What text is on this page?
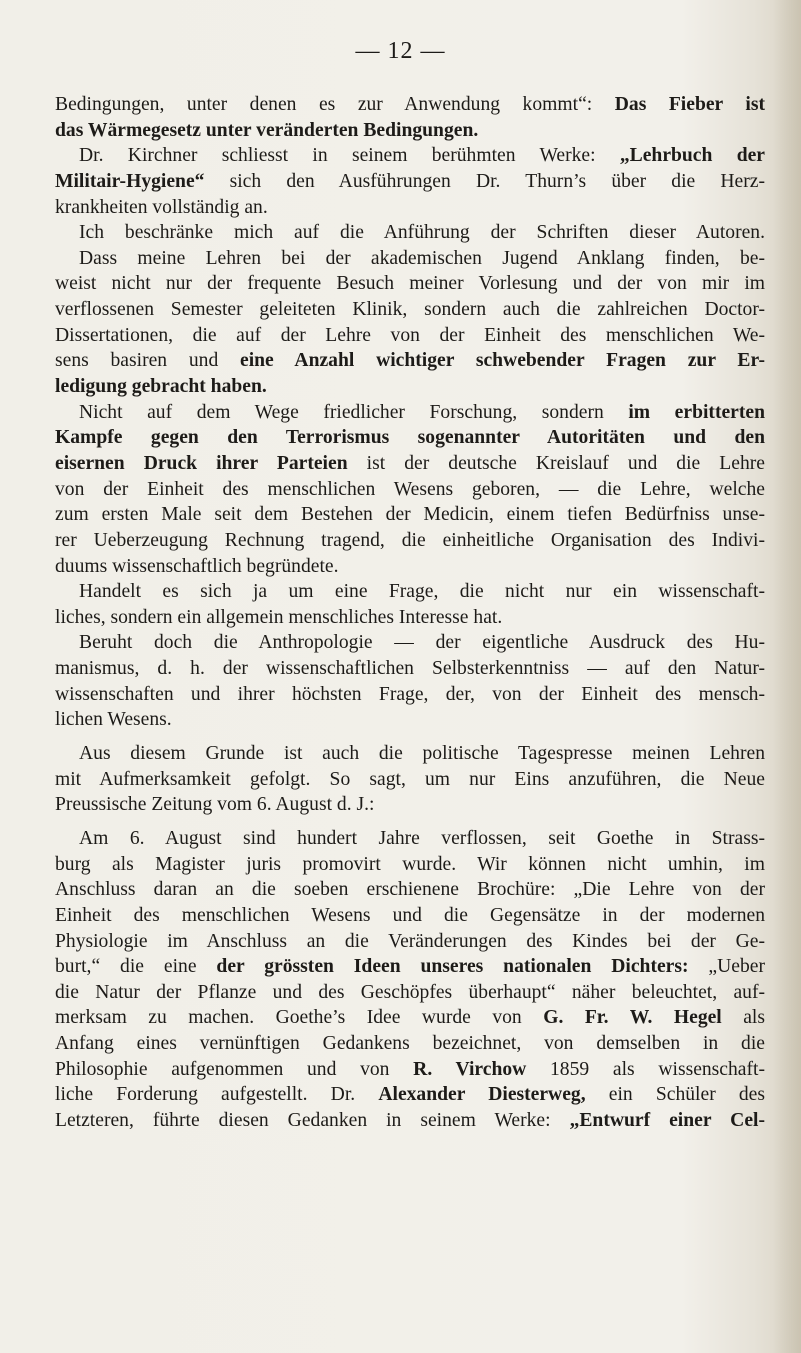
— 12 —
Bedingungen, unter denen es zur Anwendung kommt“: Das Fieber ist
das Wärmegesetz unter veränderten Bedingungen.
Dr. Kirchner schliesst in seinem berühmten Werke: „Lehrbuch der
Militair-Hygiene“ sich den Ausführungen Dr. Thurn’s über die Herz-
krankheiten vollständig an.
Ich beschränke mich auf die Anführung der Schriften dieser Autoren.
Dass meine Lehren bei der akademischen Jugend Anklang finden, be-
weist nicht nur der frequente Besuch meiner Vorlesung und der von mir im
verflossenen Semester geleiteten Klinik, sondern auch die zahlreichen Doctor-
Dissertationen, die auf der Lehre von der Einheit des menschlichen We-
sens basiren und eine Anzahl wichtiger schwebender Fragen zur Er-
ledigung gebracht haben.
Nicht auf dem Wege friedlicher Forschung, sondern im erbitterten
Kampfe gegen den Terrorismus sogenannter Autoritäten und den
eisernen Druck ihrer Parteien ist der deutsche Kreislauf und die Lehre
von der Einheit des menschlichen Wesens geboren, — die Lehre, welche
zum ersten Male seit dem Bestehen der Medicin, einem tiefen Bedürfniss unse-
rer Ueberzeugung Rechnung tragend, die einheitliche Organisation des Indivi-
duums wissenschaftlich begründete.
Handelt es sich ja um eine Frage, die nicht nur ein wissenschaft-
liches, sondern ein allgemein menschliches Interesse hat.
Beruht doch die Anthropologie — der eigentliche Ausdruck des Hu-
manismus, d. h. der wissenschaftlichen Selbsterkenntniss — auf den Natur-
wissenschaften und ihrer höchsten Frage, der, von der Einheit des mensch-
lichen Wesens.
Aus diesem Grunde ist auch die politische Tagespresse meinen Lehren
mit Aufmerksamkeit gefolgt. So sagt, um nur Eins anzuführen, die Neue
Preussische Zeitung vom 6. August d. J.:
Am 6. August sind hundert Jahre verflossen, seit Goethe in Strass-
burg als Magister juris promovirt wurde. Wir können nicht umhin, im
Anschluss daran an die soeben erschienene Brochüre: „Die Lehre von der
Einheit des menschlichen Wesens und die Gegensätze in der modernen
Physiologie im Anschluss an die Veränderungen des Kindes bei der Ge-
burt,“ die eine der grössten Ideen unseres nationalen Dichters: „Ueber
die Natur der Pflanze und des Geschöpfes überhaupt“ näher beleuchtet, auf-
merksam zu machen. Goethe’s Idee wurde von G. Fr. W. Hegel als
Anfang eines vernünftigen Gedankens bezeichnet, von demselben in die
Philosophie aufgenommen und von R. Virchow 1859 als wissenschaft-
liche Forderung aufgestellt. Dr. Alexander Diesterweg, ein Schüler des
Letzteren, führte diesen Gedanken in seinem Werke: „Entwurf einer Cel-
